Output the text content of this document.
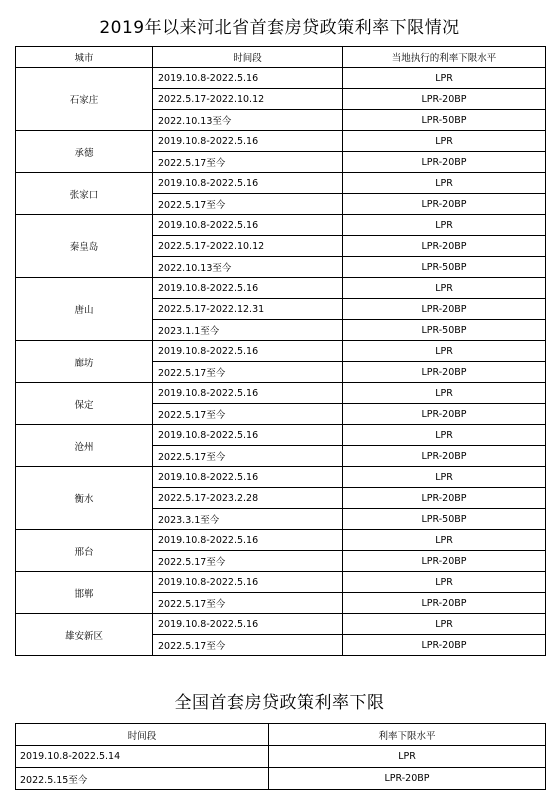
2019年以来河北省首套房贷政策利率下限情况
城市	时间段	当地执行的利率下限水平
石家庄	2019.10.8-2022.5.16	LPR
	2022.5.17-2022.10.12	LPR-20BP
	2022.10.13至今	LPR-50BP
承德	2019.10.8-2022.5.16	LPR
	2022.5.17至今	LPR-20BP
张家口	2019.10.8-2022.5.16	LPR
	2022.5.17至今	LPR-20BP
秦皇岛	2019.10.8-2022.5.16	LPR
	2022.5.17-2022.10.12	LPR-20BP
	2022.10.13至今	LPR-50BP
唐山	2019.10.8-2022.5.16	LPR
	2022.5.17-2022.12.31	LPR-20BP
	2023.1.1至今	LPR-50BP
廊坊	2019.10.8-2022.5.16	LPR
	2022.5.17至今	LPR-20BP
保定	2019.10.8-2022.5.16	LPR
	2022.5.17至今	LPR-20BP
沧州	2019.10.8-2022.5.16	LPR
	2022.5.17至今	LPR-20BP
衡水	2019.10.8-2022.5.16	LPR
	2022.5.17-2023.2.28	LPR-20BP
	2023.3.1至今	LPR-50BP
邢台	2019.10.8-2022.5.16	LPR
	2022.5.17至今	LPR-20BP
邯郸	2019.10.8-2022.5.16	LPR
	2022.5.17至今	LPR-20BP
雄安新区	2019.10.8-2022.5.16	LPR
	2022.5.17至今	LPR-20BP
全国首套房贷政策利率下限
时间段	利率下限水平
2019.10.8-2022.5.14	LPR
2022.5.15至今	LPR-20BP
